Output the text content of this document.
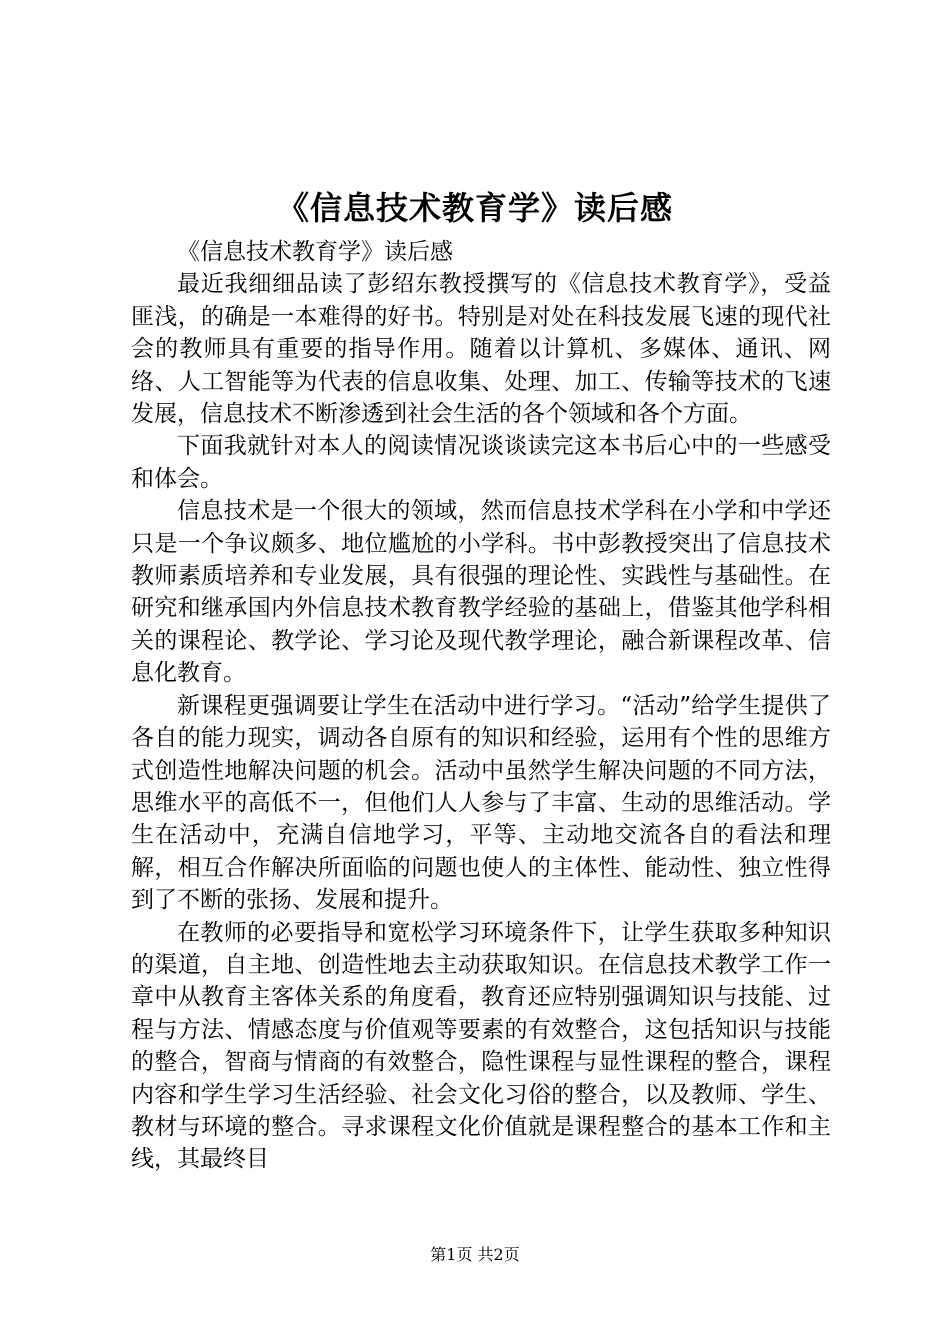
《信息技术教育学》读后感

《信息技术教育学》读后感

最近我细细品读了彭绍东教授撰写的《信息技术教育学》，受益匪浅，的确是一本难得的好书。特别是对处在科技发展飞速的现代社会的教师具有重要的指导作用。随着以计算机、多媒体、通讯、网络、人工智能等为代表的信息收集、处理、加工、传输等技术的飞速发展，信息技术不断渗透到社会生活的各个领域和各个方面。

下面我就针对本人的阅读情况谈谈读完这本书后心中的一些感受和体会。

信息技术是一个很大的领域，然而信息技术学科在小学和中学还只是一个争议颇多、地位尴尬的小学科。书中彭教授突出了信息技术教师素质培养和专业发展，具有很强的理论性、实践性与基础性。在研究和继承国内外信息技术教育教学经验的基础上，借鉴其他学科相关的课程论、教学论、学习论及现代教学理论，融合新课程改革、信息化教育。

新课程更强调要让学生在活动中进行学习。“活动”给学生提供了各自的能力现实，调动各自原有的知识和经验，运用有个性的思维方式创造性地解决问题的机会。活动中虽然学生解决问题的不同方法，思维水平的高低不一，但他们人人参与了丰富、生动的思维活动。学生在活动中，充满自信地学习，平等、主动地交流各自的看法和理解，相互合作解决所面临的问题也使人的主体性、能动性、独立性得到了不断的张扬、发展和提升。

在教师的必要指导和宽松学习环境条件下，让学生获取多种知识的渠道，自主地、创造性地去主动获取知识。在信息技术教学工作一章中从教育主客体关系的角度看，教育还应特别强调知识与技能、过程与方法、情感态度与价值观等要素的有效整合，这包括知识与技能的整合，智商与情商的有效整合，隐性课程与显性课程的整合，课程内容和学生学习生活经验、社会文化习俗的整合，以及教师、学生、教材与环境的整合。寻求课程文化价值就是课程整合的基本工作和主线，其最终目

第1页 共2页
